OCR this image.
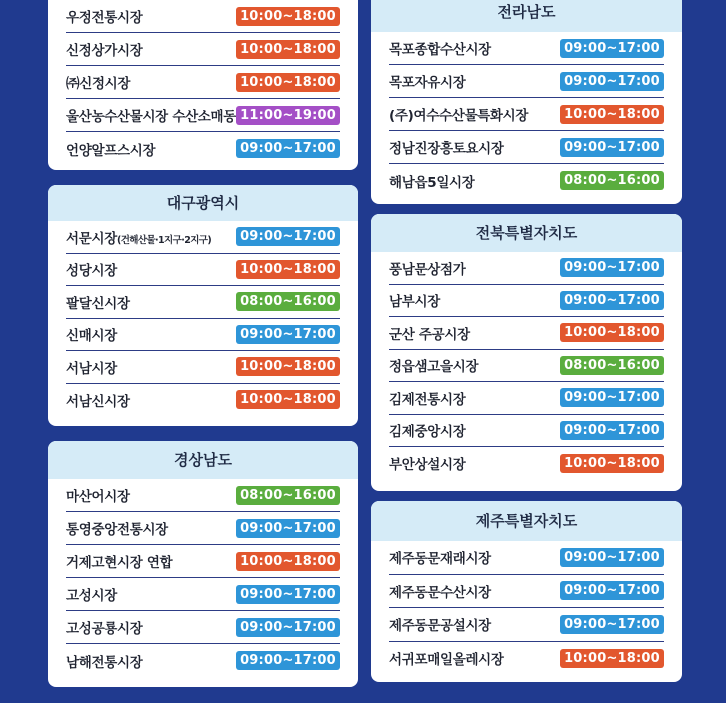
우정전통시장	10:00~18:00
신정상가시장	10:00~18:00
㈜신정시장	10:00~18:00
울산농수산물시장 수산소매동 11:00~19:00
언양알프스시장	09:00~17:00
대구광역시
서문시장(건해산물·1지구·2지구)	09:00~17:00
성당시장	10:00~18:00
팔달신시장	08:00~16:00
신매시장	09:00~17:00
서남시장	10:00~18:00
서남신시장	10:00~18:00
경상남도
마산어시장	08:00~16:00
통영중앙전통시장	09:00~17:00
거제고현시장 연합	10:00~18:00
고성시장	09:00~17:00
고성공룡시장	09:00~17:00
남해전통시장	09:00~17:00
전라남도
목포종합수산시장	09:00~17:00
목포자유시장	09:00~17:00
(주)여수수산물특화시장	10:00~18:00
정남진장흥토요시장	09:00~17:00
해남읍5일시장	08:00~16:00
전북특별자치도
풍남문상점가	09:00~17:00
남부시장	09:00~17:00
군산 주공시장	10:00~18:00
정읍샘고을시장	08:00~16:00
김제전통시장	09:00~17:00
김제중앙시장	09:00~17:00
부안상설시장	10:00~18:00
제주특별자치도
제주동문재래시장	09:00~17:00
제주동문수산시장	09:00~17:00
제주동문공설시장	09:00~17:00
서귀포매일올레시장	10:00~18:00
